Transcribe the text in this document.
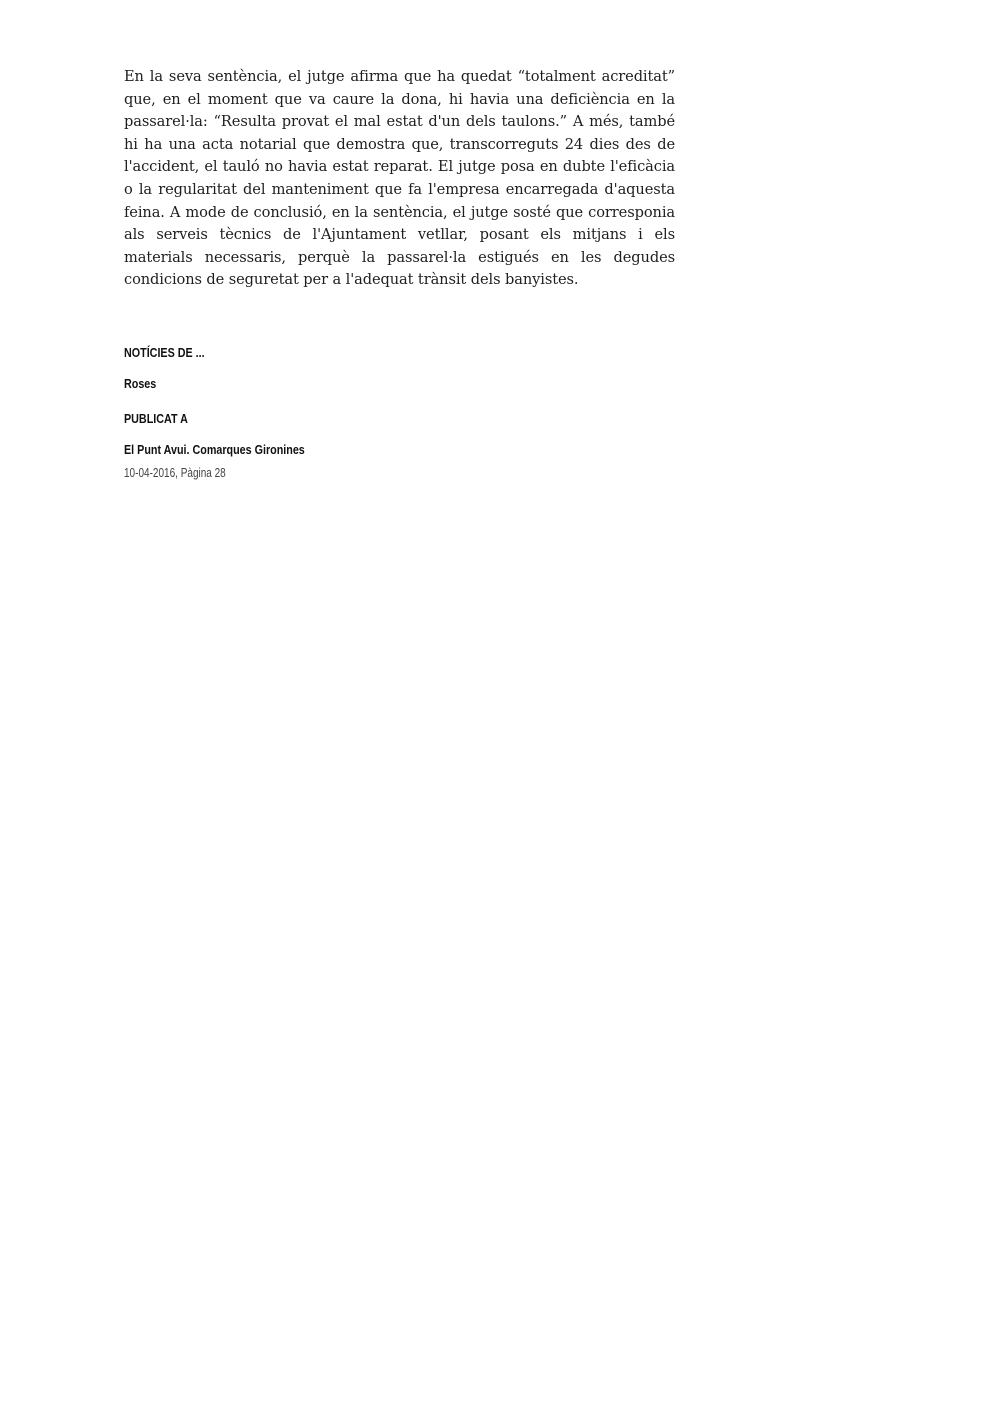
En la seva sentència, el jutge afirma que ha quedat “totalment acreditat” que, en el moment que va caure la dona, hi havia una deficiència en la passarel·la: “Resulta provat el mal estat d'un dels taulons.” A més, també hi ha una acta notarial que demostra que, transcorreguts 24 dies des de l'accident, el tauló no havia estat reparat. El jutge posa en dubte l'eficàcia o la regularitat del manteniment que fa l'empresa encarregada d'aquesta feina. A mode de conclusió, en la sentència, el jutge sosté que corresponia als serveis tècnics de l'Ajuntament vetllar, posant els mitjans i els materials necessaris, perquè la passarel·la estigués en les degudes condicions de seguretat per a l'adequat trànsit dels banyistes.

NOTÍCIES DE ...
Roses
PUBLICAT A
El Punt Avui. Comarques Gironines
10-04-2016, Pàgina 28
